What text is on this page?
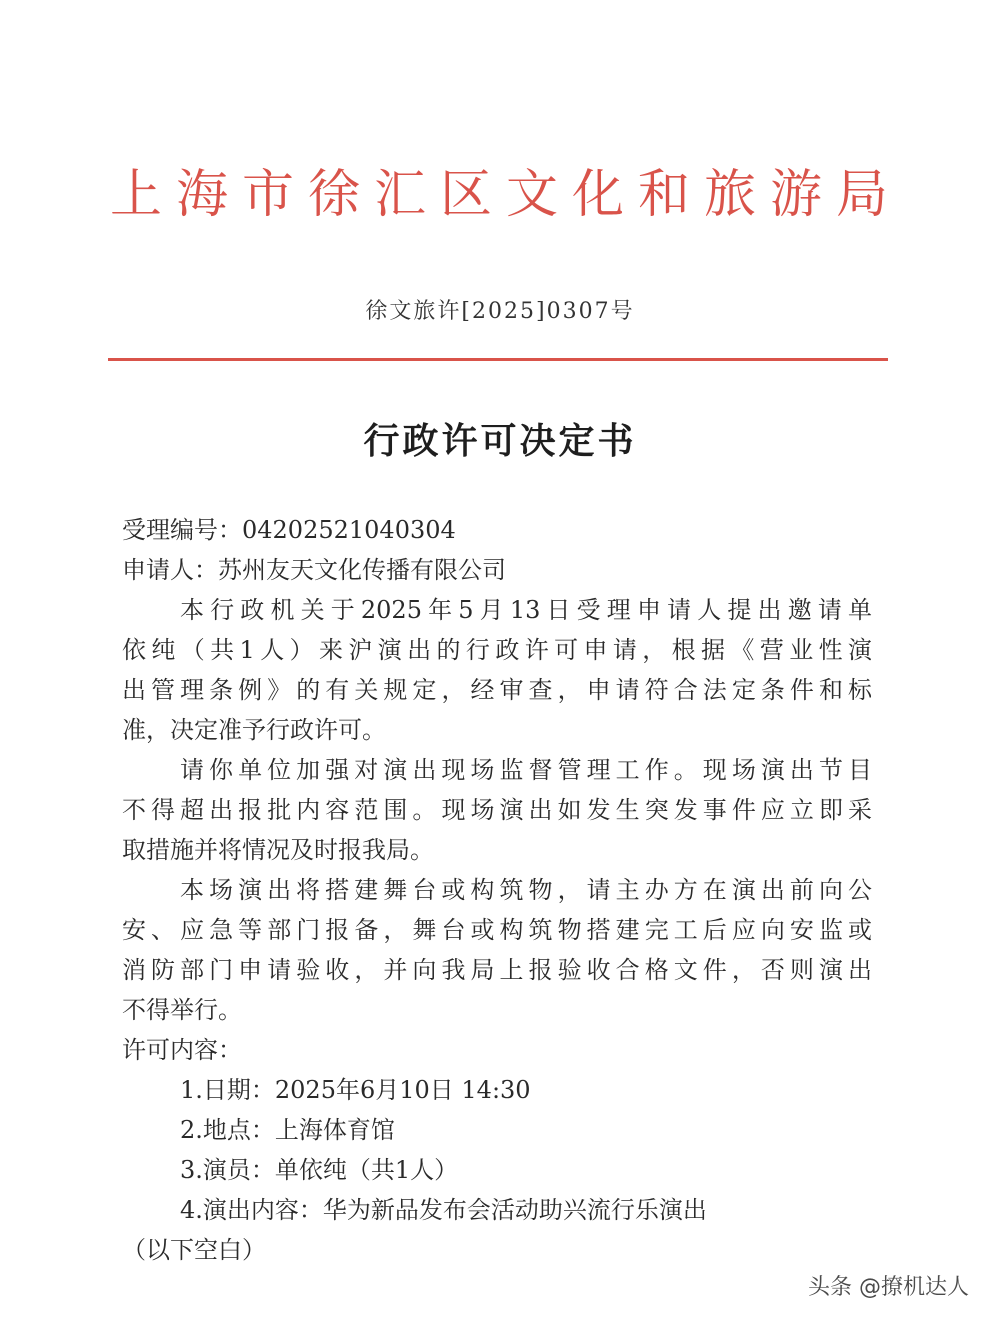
上海市徐汇区文化和旅游局
徐文旅许[2025]0307号
行政许可决定书
受理编号：04202521040304
申请人：苏州友天文化传播有限公司
本行政机关于2025年5月13日受理申请人提出邀请单
依纯（共1人）来沪演出的行政许可申请，根据《营业性演
出管理条例》的有关规定，经审查，申请符合法定条件和标
准，决定准予行政许可。
请你单位加强对演出现场监督管理工作。现场演出节目
不得超出报批内容范围。现场演出如发生突发事件应立即采
取措施并将情况及时报我局。
本场演出将搭建舞台或构筑物，请主办方在演出前向公
安、应急等部门报备，舞台或构筑物搭建完工后应向安监或
消防部门申请验收，并向我局上报验收合格文件，否则演出
不得举行。
许可内容：
1.日期：2025年6月10日 14:30
2.地点：上海体育馆
3.演员：单依纯（共1人）
4.演出内容：华为新品发布会活动助兴流行乐演出
（以下空白）
头条 @撩机达人
